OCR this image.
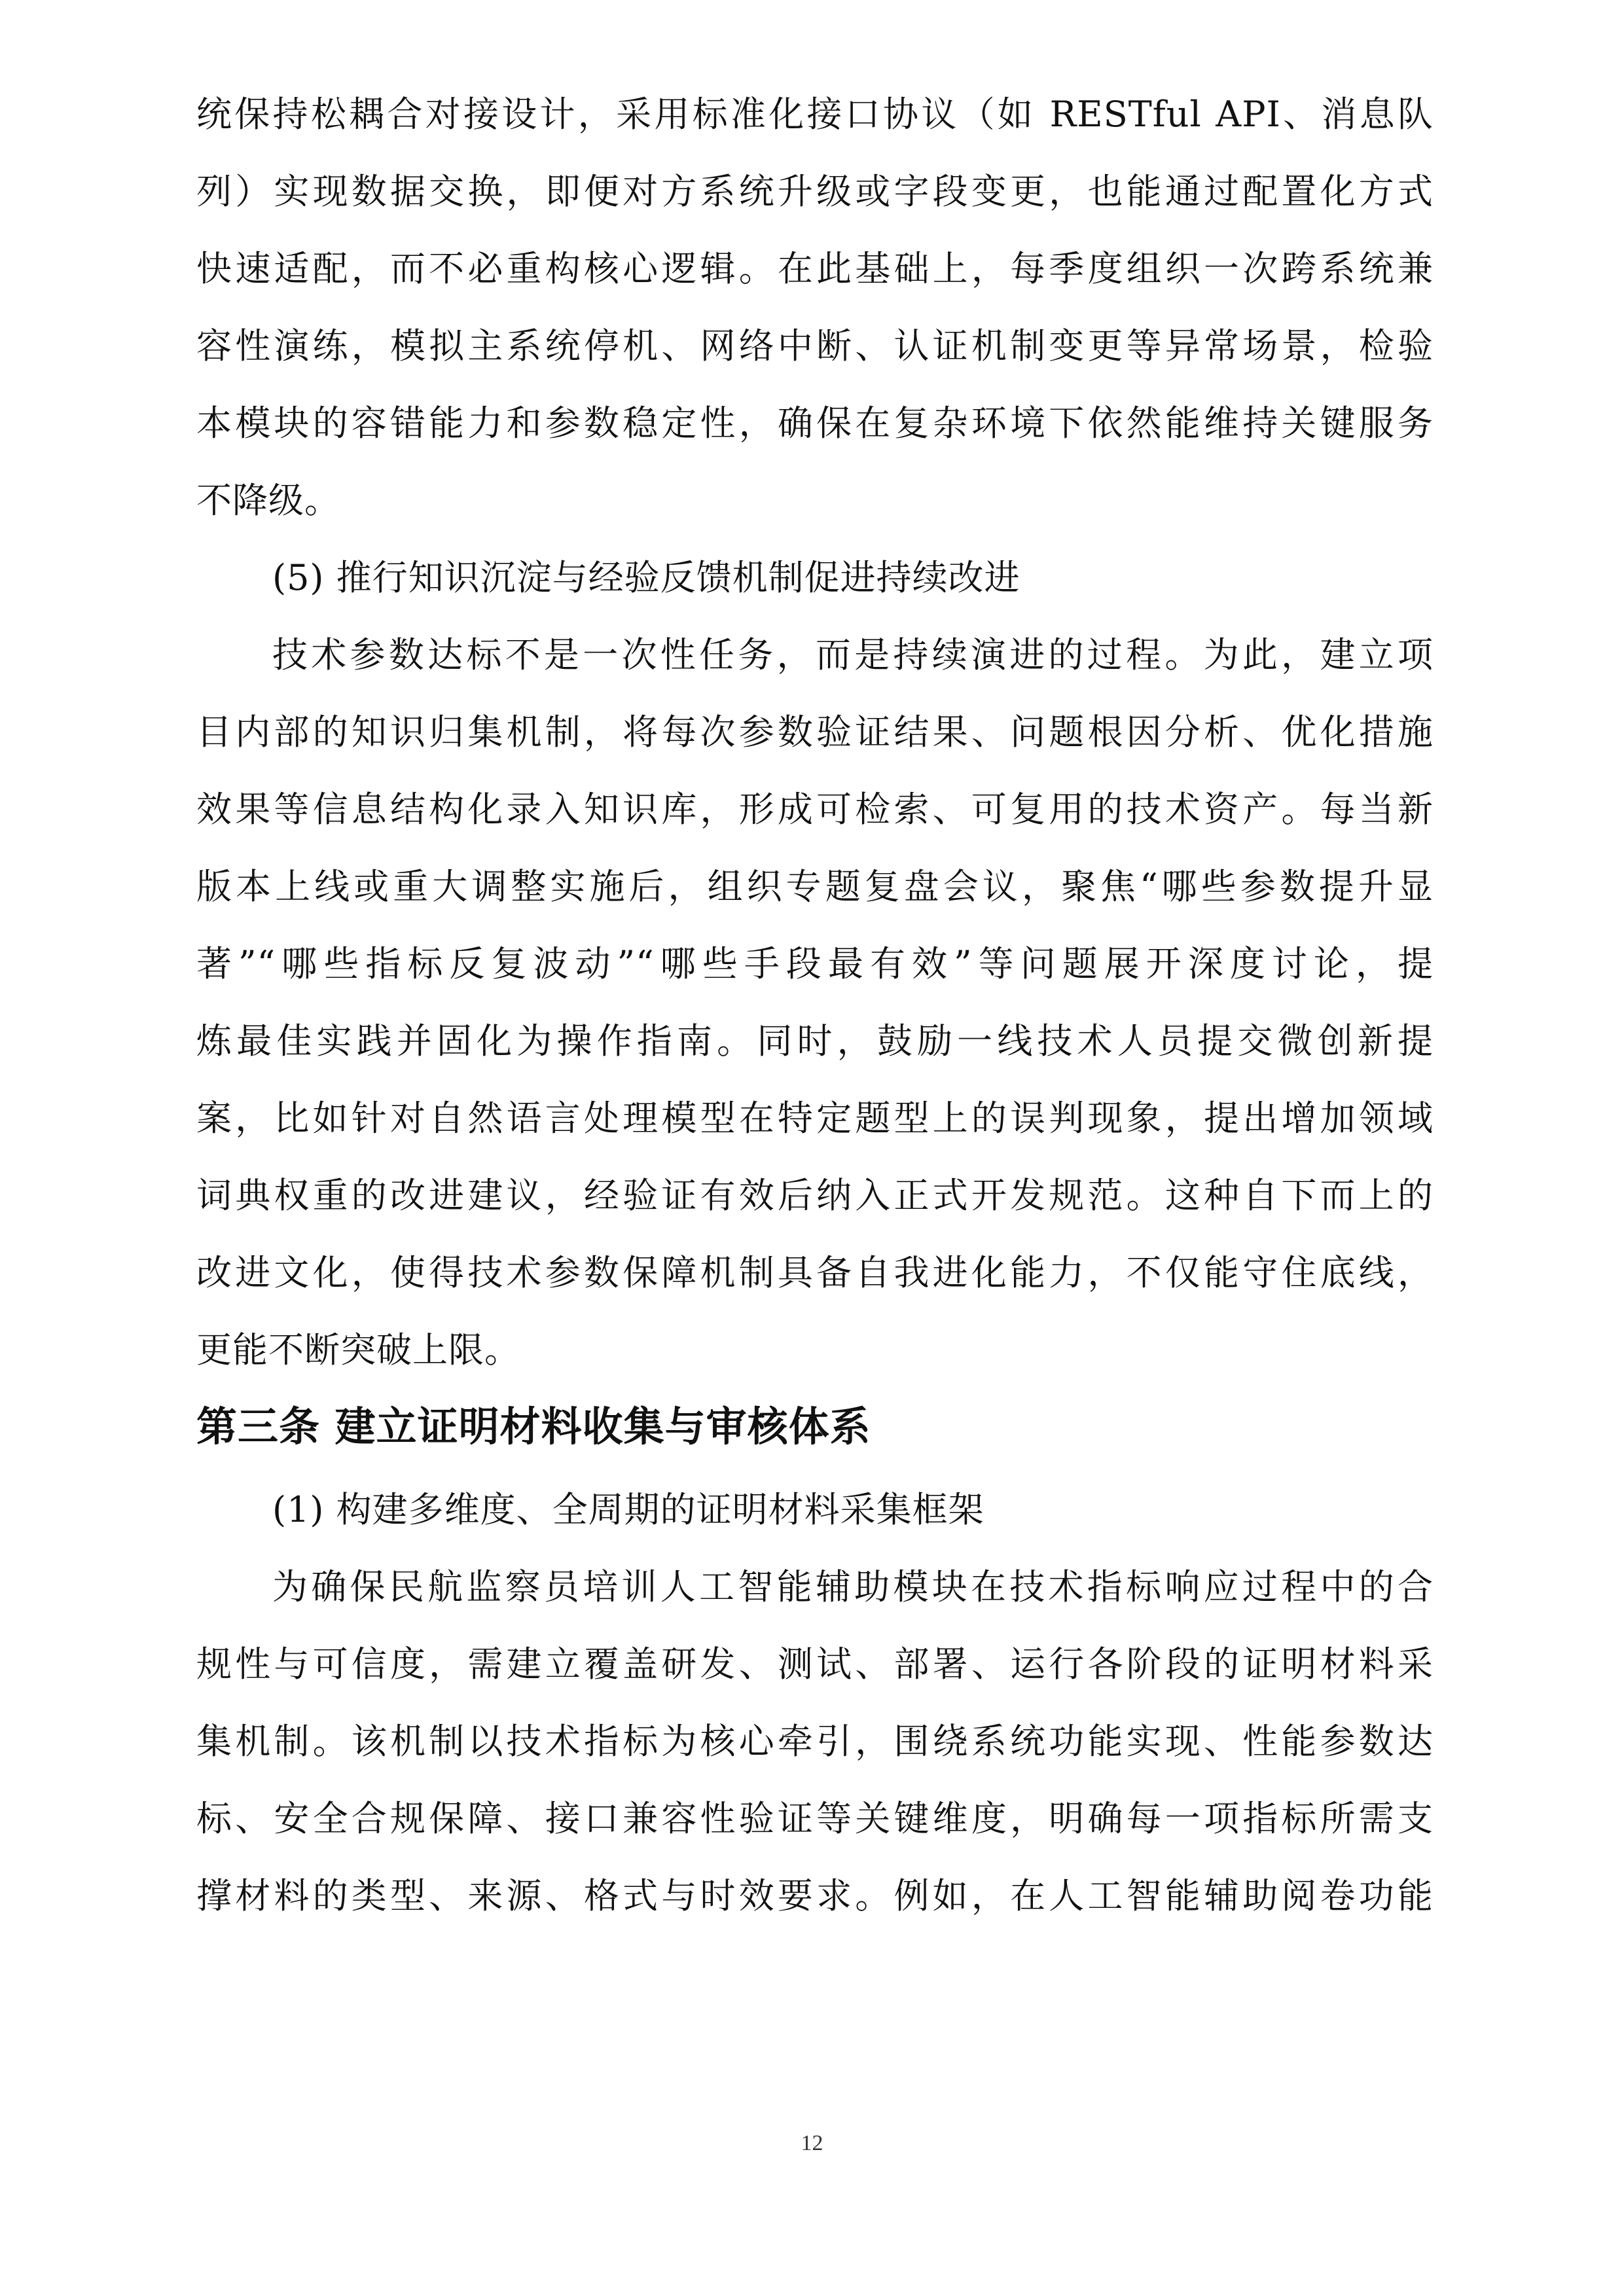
统保持松耦合对接设计，采用标准化接口协议（如 RESTful API、消息队
列）实现数据交换，即便对方系统升级或字段变更，也能通过配置化方式
快速适配，而不必重构核心逻辑。在此基础上，每季度组织一次跨系统兼
容性演练，模拟主系统停机、网络中断、认证机制变更等异常场景，检验
本模块的容错能力和参数稳定性，确保在复杂环境下依然能维持关键服务
不降级。
(5) 推行知识沉淀与经验反馈机制促进持续改进
技术参数达标不是一次性任务，而是持续演进的过程。为此，建立项
目内部的知识归集机制，将每次参数验证结果、问题根因分析、优化措施
效果等信息结构化录入知识库，形成可检索、可复用的技术资产。每当新
版本上线或重大调整实施后，组织专题复盘会议，聚焦“哪些参数提升显
著”“哪些指标反复波动”“哪些手段最有效”等问题展开深度讨论，提
炼最佳实践并固化为操作指南。同时，鼓励一线技术人员提交微创新提
案，比如针对自然语言处理模型在特定题型上的误判现象，提出增加领域
词典权重的改进建议，经验证有效后纳入正式开发规范。这种自下而上的
改进文化，使得技术参数保障机制具备自我进化能力，不仅能守住底线，
更能不断突破上限。
第三条 建立证明材料收集与审核体系
(1) 构建多维度、全周期的证明材料采集框架
为确保民航监察员培训人工智能辅助模块在技术指标响应过程中的合
规性与可信度，需建立覆盖研发、测试、部署、运行各阶段的证明材料采
集机制。该机制以技术指标为核心牵引，围绕系统功能实现、性能参数达
标、安全合规保障、接口兼容性验证等关键维度，明确每一项指标所需支
撑材料的类型、来源、格式与时效要求。例如，在人工智能辅助阅卷功能
12
